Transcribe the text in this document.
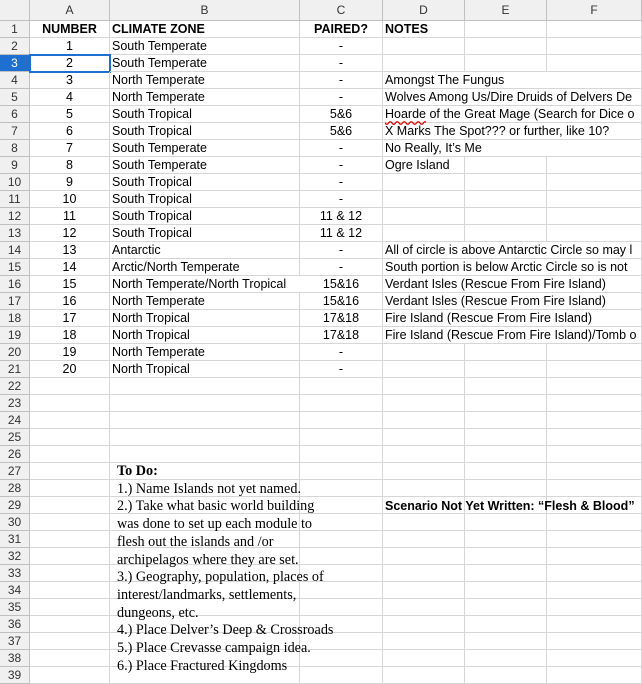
A	B	C	D	E	F
1
2
3
4
5
6
7
8
9
10
11
12
13
14
15
16
17
18
19
20
21
22
23
24
25
26
27
28
29
30
31
32
33
34
35
36
37
38
39
NUMBER	CLIMATE ZONE	PAIRED?	NOTES
1	South Temperate	-
2	South Temperate	-
3	North Temperate	-	Amongst The Fungus
4	North Temperate	-	Wolves Among Us/Dire Druids of Delvers De
5	South Tropical	5&6	Hoarde of the Great Mage (Search for Dice o
6	South Tropical	5&6	X Marks The Spot??? or further, like 10?
7	South Temperate	-	No Really, It’s Me
8	South Temperate	-	Ogre Island
9	South Tropical	-
10	South Tropical	-
11	South Tropical	11 & 12
12	South Tropical	11 & 12
13	Antarctic	-	All of circle is above Antarctic Circle so may l
14	Arctic/North Temperate	-	South portion is below Arctic Circle so is not
15	North Temperate/North Tropical	15&16	Verdant Isles (Rescue From Fire Island)
16	North Temperate	15&16	Verdant Isles (Rescue From Fire Island)
17	North Tropical	17&18	Fire Island (Rescue From Fire Island)
18	North Tropical	17&18	Fire Island (Rescue From Fire Island)/Tomb o
19	North Temperate	-
20	North Tropical	-
To Do:
1.) Name Islands not yet named.
2.) Take what basic world building
was done to set up each module to
flesh out the islands and /or
archipelagos where they are set.
3.) Geography, population, places of
interest/landmarks, settlements,
dungeons, etc.
4.) Place Delver’s Deep & Crossroads
5.) Place Crevasse campaign idea.
6.) Place Fractured Kingdoms
Scenario Not Yet Written: “Flesh & Blood”
